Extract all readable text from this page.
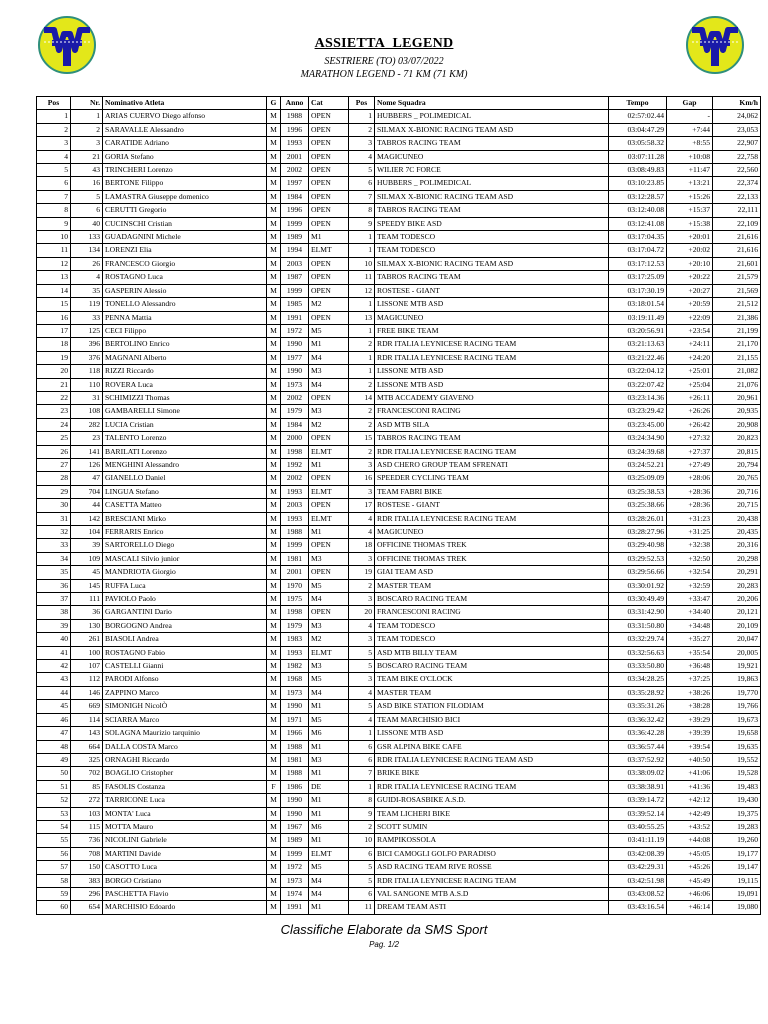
ASSIETTA_LEGEND
SESTRIERE (TO) 03/07/2022
MARATHON LEGEND - 71 KM (71 KM)
Pos	Nr.	Nominativo Atleta	G	Anno	Cat	Pos	Nome Squadra	Tempo	Gap	Km/h
1	1	ARIAS CUERVO Diego alfonso	M	1988	OPEN	1	HUBBERS _ POLIMEDICAL	02:57:02.44	-	24,062
2	2	SARAVALLE Alessandro	M	1996	OPEN	2	SILMAX X-BIONIC RACING TEAM ASD	03:04:47.29	+7:44	23,053
3	3	CARATIDE Adriano	M	1993	OPEN	3	TABROS RACING TEAM	03:05:58.32	+8:55	22,907
4	21	GORIA Stefano	M	2001	OPEN	4	MAGICUNEO	03:07:11.28	+10:08	22,758
5	43	TRINCHERI Lorenzo	M	2002	OPEN	5	WILIER 7C FORCE	03:08:49.83	+11:47	22,560
6	16	BERTONE Filippo	M	1997	OPEN	6	HUBBERS _ POLIMEDICAL	03:10:23.85	+13:21	22,374
7	5	LAMASTRA Giuseppe domenico	M	1984	OPEN	7	SILMAX X-BIONIC RACING TEAM ASD	03:12:28.57	+15:26	22,133
8	6	CERUTTI Gregorio	M	1996	OPEN	8	TABROS RACING TEAM	03:12:40.08	+15:37	22,111
9	40	CUCINSCHI Cristian	M	1999	OPEN	9	SPEEDY BIKE ASD	03:12:41.08	+15:38	22,109
10	133	GUADAGNINI Michele	M	1989	M1	1	TEAM TODESCO	03:17:04.35	+20:01	21,616
11	134	LORENZI Elia	M	1994	ELMT	1	TEAM TODESCO	03:17:04.72	+20:02	21,616
12	26	FRANCESCO Giorgio	M	2003	OPEN	10	SILMAX X-BIONIC RACING TEAM ASD	03:17:12.53	+20:10	21,601
13	4	ROSTAGNO Luca	M	1987	OPEN	11	TABROS RACING TEAM	03:17:25.09	+20:22	21,579
14	35	GASPERIN Alessio	M	1999	OPEN	12	ROSTESE - GIANT	03:17:30.19	+20:27	21,569
15	119	TONELLO Alessandro	M	1985	M2	1	LISSONE MTB ASD	03:18:01.54	+20:59	21,512
16	33	PENNA Mattia	M	1991	OPEN	13	MAGICUNEO	03:19:11.49	+22:09	21,386
17	125	CECI Filippo	M	1972	M5	1	FREE BIKE TEAM	03:20:56.91	+23:54	21,199
18	396	BERTOLINO Enrico	M	1990	M1	2	RDR ITALIA LEYNICESE RACING TEAM	03:21:13.63	+24:11	21,170
19	376	MAGNANI Alberto	M	1977	M4	1	RDR ITALIA LEYNICESE RACING TEAM	03:21:22.46	+24:20	21,155
20	118	RIZZI Riccardo	M	1990	M3	1	LISSONE MTB ASD	03:22:04.12	+25:01	21,082
21	110	ROVERA Luca	M	1973	M4	2	LISSONE MTB ASD	03:22:07.42	+25:04	21,076
22	31	SCHIMIZZI Thomas	M	2002	OPEN	14	MTB ACCADEMY GIAVENO	03:23:14.36	+26:11	20,961
23	108	GAMBARELLI Simone	M	1979	M3	2	FRANCESCONI RACING	03:23:29.42	+26:26	20,935
24	282	LUCIA Cristian	M	1984	M2	2	ASD MTB SILA	03:23:45.00	+26:42	20,908
25	23	TALENTO Lorenzo	M	2000	OPEN	15	TABROS RACING TEAM	03:24:34.90	+27:32	20,823
26	141	BARILATI Lorenzo	M	1998	ELMT	2	RDR ITALIA LEYNICESE RACING TEAM	03:24:39.68	+27:37	20,815
27	126	MENGHINI Alessandro	M	1992	M1	3	ASD CHERO GROUP TEAM SFRENATI	03:24:52.21	+27:49	20,794
28	47	GIANELLO Daniel	M	2002	OPEN	16	SPEEDER CYCLING TEAM	03:25:09.09	+28:06	20,765
29	704	LINGUA Stefano	M	1993	ELMT	3	TEAM FABRI BIKE	03:25:38.53	+28:36	20,716
30	44	CASETTA Matteo	M	2003	OPEN	17	ROSTESE - GIANT	03:25:38.66	+28:36	20,715
31	142	BRESCIANI Mirko	M	1993	ELMT	4	RDR ITALIA LEYNICESE RACING TEAM	03:28:26.01	+31:23	20,438
32	104	FERRARIS Enrico	M	1988	M1	4	MAGICUNEO	03:28:27.96	+31:25	20,435
33	39	SARTORELLO Diego	M	1999	OPEN	18	OFFICINE THOMAS TREK	03:29:40.98	+32:38	20,316
34	109	MASCALI Silvio junior	M	1981	M3	3	OFFICINE THOMAS TREK	03:29:52.53	+32:50	20,298
35	45	MANDRIOTA Giorgio	M	2001	OPEN	19	GIAI TEAM ASD	03:29:56.66	+32:54	20,291
36	145	RUFFA Luca	M	1970	M5	2	MASTER TEAM	03:30:01.92	+32:59	20,283
37	111	PAVIOLO Paolo	M	1975	M4	3	BOSCARO RACING TEAM	03:30:49.49	+33:47	20,206
38	36	GARGANTINI Dario	M	1998	OPEN	20	FRANCESCONI RACING	03:31:42.90	+34:40	20,121
39	130	BORGOGNO Andrea	M	1979	M3	4	TEAM TODESCO	03:31:50.80	+34:48	20,109
40	261	BIASOLI Andrea	M	1983	M2	3	TEAM TODESCO	03:32:29.74	+35:27	20,047
41	100	ROSTAGNO Fabio	M	1993	ELMT	5	ASD MTB BILLY TEAM	03:32:56.63	+35:54	20,005
42	107	CASTELLI Gianni	M	1982	M3	5	BOSCARO RACING TEAM	03:33:50.80	+36:48	19,921
43	112	PARODI Alfonso	M	1968	M5	3	TEAM BIKE O'CLOCK	03:34:28.25	+37:25	19,863
44	146	ZAPPINO Marco	M	1973	M4	4	MASTER TEAM	03:35:28.92	+38:26	19,770
45	669	SIMONIGH NicolÒ	M	1990	M1	5	ASD BIKE STATION FILODIAM	03:35:31.26	+38:28	19,766
46	114	SCIARRA Marco	M	1971	M5	4	TEAM MARCHISIO BICI	03:36:32.42	+39:29	19,673
47	143	SOLAGNA Maurizio tarquinio	M	1966	M6	1	LISSONE MTB ASD	03:36:42.28	+39:39	19,658
48	664	DALLA COSTA Marco	M	1988	M1	6	GSR ALPINA BIKE CAFE	03:36:57.44	+39:54	19,635
49	325	ORNAGHI Riccardo	M	1981	M3	6	RDR ITALIA LEYNICESE RACING TEAM ASD	03:37:52.92	+40:50	19,552
50	702	BOAGLIO Cristopher	M	1988	M1	7	BRIKE BIKE	03:38:09.02	+41:06	19,528
51	85	FASOLIS Costanza	F	1986	DE	1	RDR ITALIA LEYNICESE RACING TEAM	03:38:38.91	+41:36	19,483
52	272	TARRICONE Luca	M	1990	M1	8	GUIDI-ROSASBIKE A.S.D.	03:39:14.72	+42:12	19,430
53	103	MONTA' Luca	M	1990	M1	9	TEAM LICHERI BIKE	03:39:52.14	+42:49	19,375
54	115	MOTTA Mauro	M	1967	M6	2	SCOTT SUMIN	03:40:55.25	+43:52	19,283
55	736	NICOLINI Gabriele	M	1989	M1	10	RAMPIKOSSOLA	03:41:11.19	+44:08	19,260
56	708	MARTINI Davide	M	1999	ELMT	6	BICI CAMOGLI GOLFO PARADISO	03:42:08.39	+45:05	19,177
57	150	CASOTTO Luca	M	1972	M5	5	ASD RACING TEAM RIVE ROSSE	03:42:29.31	+45:26	19,147
58	383	BORGO Cristiano	M	1973	M4	5	RDR ITALIA LEYNICESE RACING TEAM	03:42:51.98	+45:49	19,115
59	296	PASCHETTA Flavio	M	1974	M4	6	VAL SANGONE MTB A.S.D	03:43:08.52	+46:06	19,091
60	654	MARCHISIO Edoardo	M	1991	M1	11	DREAM TEAM ASTI	03:43:16.54	+46:14	19,080
Classifiche Elaborate da SMS Sport
Pag. 1/2
